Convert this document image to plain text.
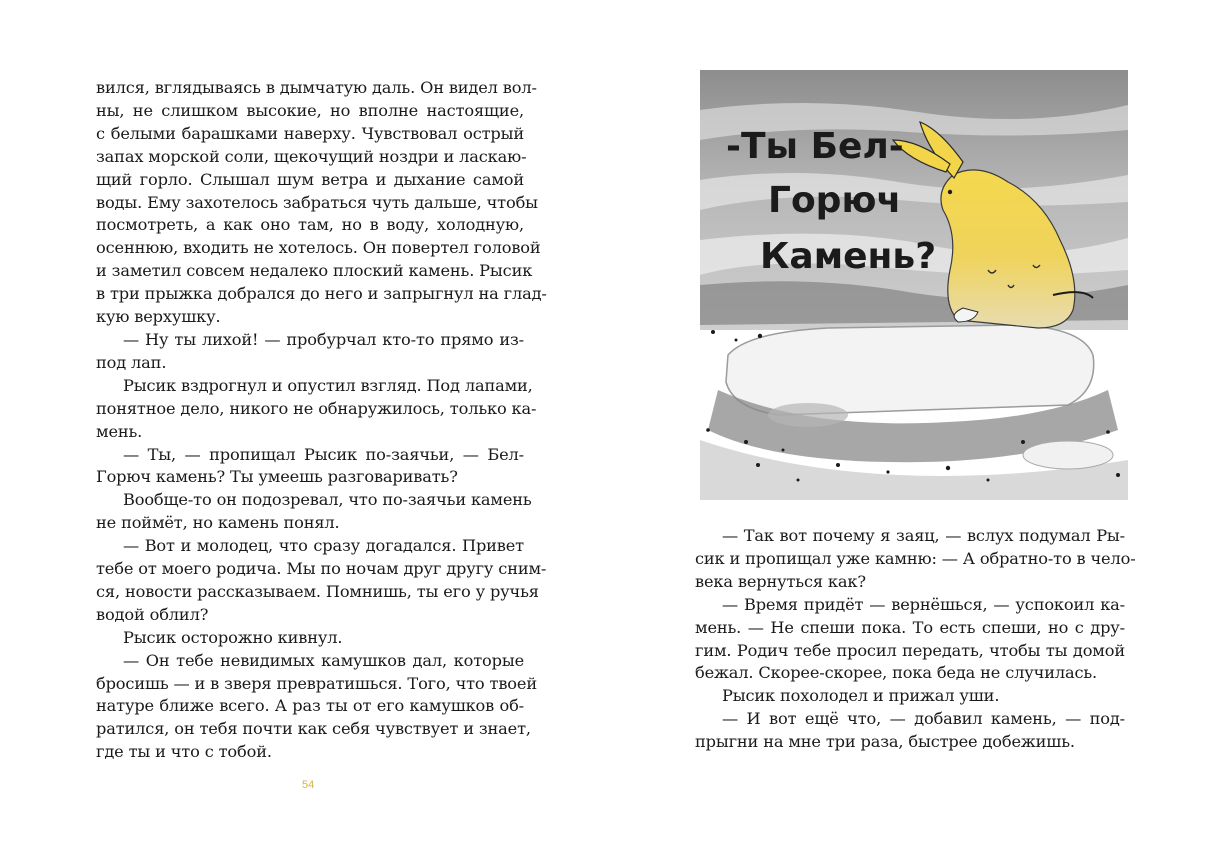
вился, вглядываясь в дымчатую даль. Он видел вол-
ны, не слишком высокие, но вполне настоящие,
с белыми барашками наверху. Чувствовал острый
запах морской соли, щекочущий ноздри и ласкаю-
щий горло. Слышал шум ветра и дыхание самой
воды. Ему захотелось забраться чуть дальше, чтобы
посмотреть, а как оно там, но в воду, холодную,
осеннюю, входить не хотелось. Он повертел головой
и заметил совсем недалеко плоский камень. Рысик
в три прыжка добрался до него и запрыгнул на глад-
кую верхушку.

— Ну ты лихой! — пробурчал кто-то прямо из-
под лап.

Рысик вздрогнул и опустил взгляд. Под лапами,
понятное дело, никого не обнаружилось, только ка-
мень.

— Ты, — пропищал Рысик по-заячьи, — Бел-
Горюч камень? Ты умеешь разговаривать?

Вообще-то он подозревал, что по-заячьи камень
не поймёт, но камень понял.

— Вот и молодец, что сразу догадался. Привет
тебе от моего родича. Мы по ночам друг другу сним-
ся, новости рассказываем. Помнишь, ты его у ручья
водой облил?

Рысик осторожно кивнул.

— Он тебе невидимых камушков дал, которые
бросишь — и в зверя превратишься. Того, что твоей
натуре ближе всего. А раз ты от его камушков об-
ратился, он тебя почти как себя чувствует и знает,
где ты и что с тобой.

54
-Ты Бел-
Горюч
Камень?

— Так вот почему я заяц, — вслух подумал Ры-
сик и пропищал уже камню: — А обратно-то в чело-
века вернуться как?

— Время придёт — вернёшься, — успокоил ка-
мень. — Не спеши пока. То есть спеши, но с дру-
гим. Родич тебе просил передать, чтобы ты домой
бежал. Скорее-скорее, пока беда не случилась.

Рысик похолодел и прижал уши.

— И вот ещё что, — добавил камень, — под-
прыгни на мне три раза, быстрее добежишь.
